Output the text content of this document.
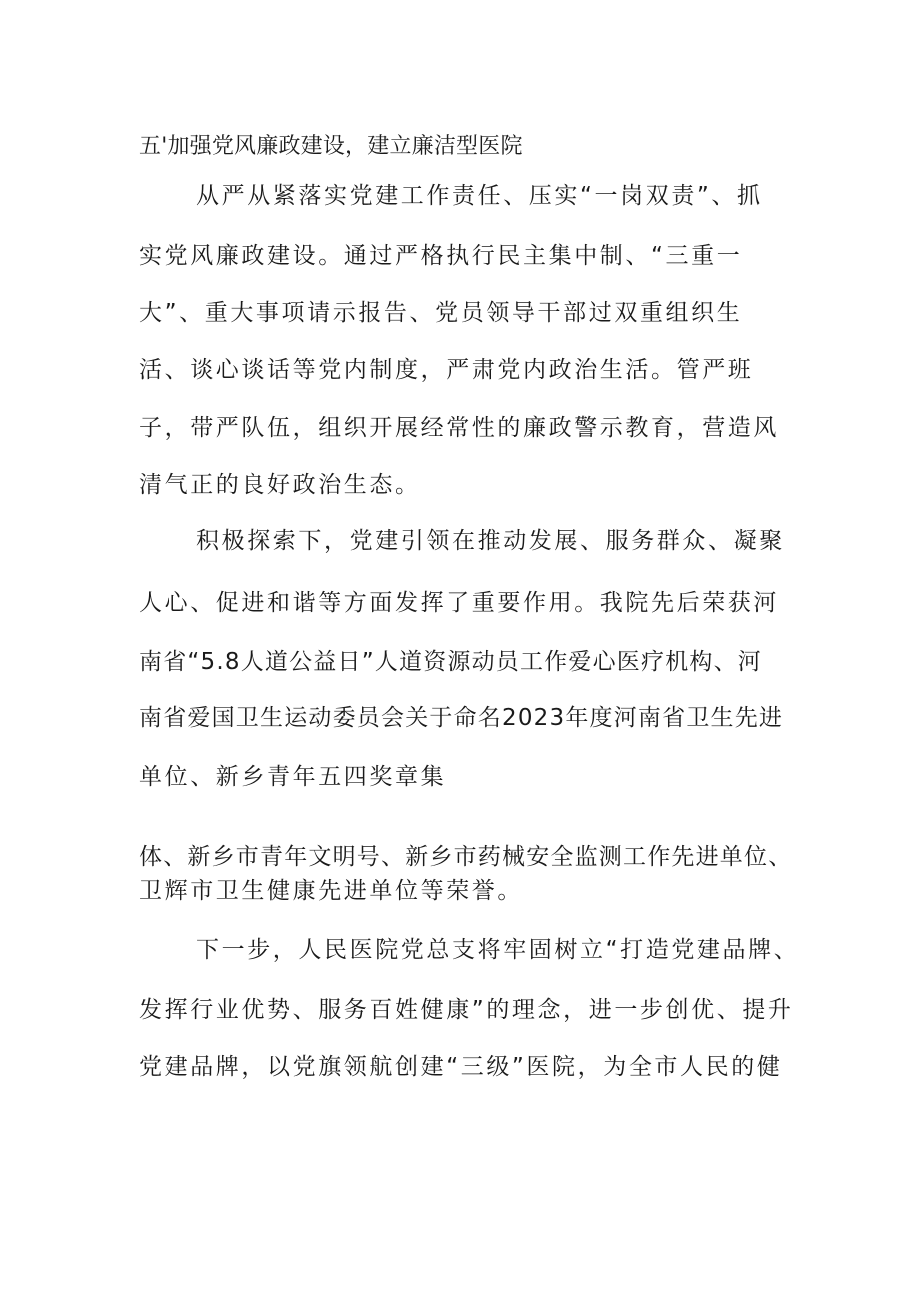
五'加强党风廉政建设，建立廉洁型医院
从严从紧落实党建工作责任、压实“一岗双责”、抓
实党风廉政建设。通过严格执行民主集中制、“三重一
大”、重大事项请示报告、党员领导干部过双重组织生
活、谈心谈话等党内制度，严肃党内政治生活。管严班
子，带严队伍，组织开展经常性的廉政警示教育，营造风
清气正的良好政治生态。
积极探索下，党建引领在推动发展、服务群众、凝聚
人心、促进和谐等方面发挥了重要作用。我院先后荣获河
南省“5.8人道公益日”人道资源动员工作爱心医疗机构、河
南省爱国卫生运动委员会关于命名2023年度河南省卫生先进
单位、新乡青年五四奖章集
体、新乡市青年文明号、新乡市药械安全监测工作先进单位、
卫辉市卫生健康先进单位等荣誉。
下一步，人民医院党总支将牢固树立“打造党建品牌、
发挥行业优势、服务百姓健康”的理念，进一步创优、提升
党建品牌，以党旗领航创建“三级”医院，为全市人民的健
